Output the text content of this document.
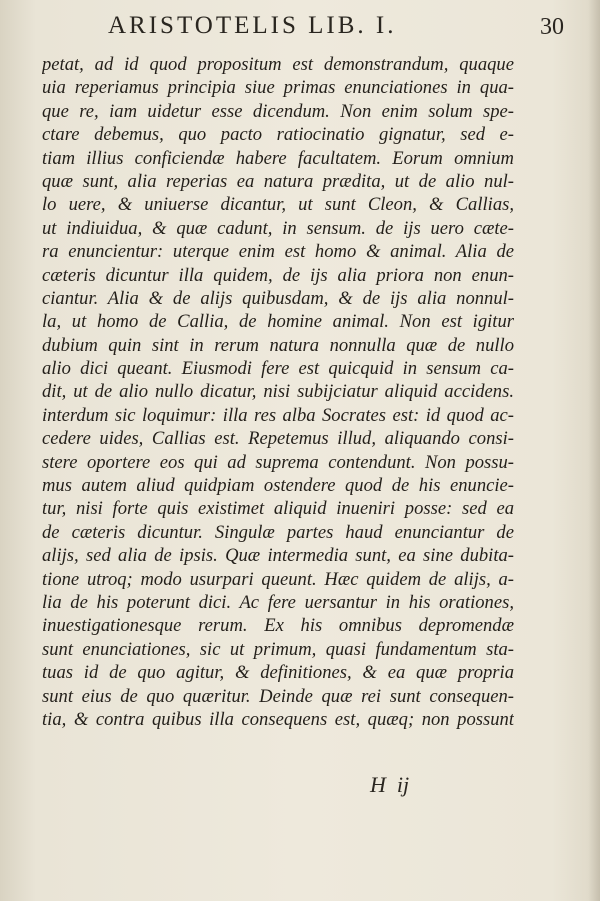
ARISTOTELIS LIB. I.	30
petat, ad id quod propositum est demonstrandum, quaque
uia reperiamus principia siue primas enunciationes in qua-
que re, iam uidetur esse dicendum. Non enim solum spe-
ctare debemus, quo pacto ratiocinatio gignatur, sed e-
tiam illius conficiendæ habere facultatem. Eorum omnium
quæ sunt, alia reperias ea natura prædita, ut de alio nul-
lo uere, & uniuerse dicantur, ut sunt Cleon, & Callias,
ut indiuidua, & quæ cadunt, in sensum. de ijs uero cæte-
ra enuncientur: uterque enim est homo & animal. Alia de
cæteris dicuntur illa quidem, de ijs alia priora non enun-
ciantur. Alia & de alijs quibusdam, & de ijs alia nonnul-
la, ut homo de Callia, de homine animal. Non est igitur
dubium quin sint in rerum natura nonnulla quæ de nullo
alio dici queant. Eiusmodi fere est quicquid in sensum ca-
dit, ut de alio nullo dicatur, nisi subijciatur aliquid accidens.
interdum sic loquimur: illa res alba Socrates est: id quod ac-
cedere uides, Callias est. Repetemus illud, aliquando consi-
stere oportere eos qui ad suprema contendunt. Non possu-
mus autem aliud quidpiam ostendere quod de his enuncie-
tur, nisi forte quis existimet aliquid inueniri posse: sed ea
de cæteris dicuntur. Singulæ partes haud enunciantur de
alijs, sed alia de ipsis. Quæ intermedia sunt, ea sine dubita-
tione utroq; modo usurpari queunt. Hæc quidem de alijs, a-
lia de his poterunt dici. Ac fere uersantur in his orationes,
inuestigationesque rerum. Ex his omnibus depromendæ
sunt enunciationes, sic ut primum, quasi fundamentum sta-
tuas id de quo agitur, & definitiones, & ea quæ propria
sunt eius de quo quæritur. Deinde quæ rei sunt consequen-
tia, & contra quibus illa consequens est, quæq; non possunt
H  ij
